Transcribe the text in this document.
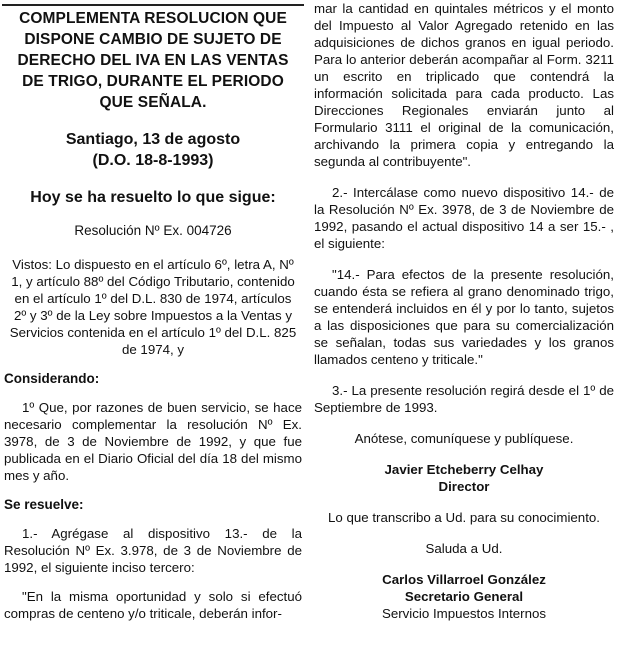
COMPLEMENTA RESOLUCION QUE DISPONE CAMBIO DE SUJETO DE DERECHO DEL IVA EN LAS VENTAS DE TRIGO, DURANTE EL PERIODO QUE SEÑALA.
Santiago, 13 de agosto
(D.O. 18-8-1993)
Hoy se ha resuelto lo que sigue:
Resolución Nº Ex. 004726

Vistos: Lo dispuesto en el artículo 6º, letra A, Nº 1, y artículo 88º del Código Tributario, contenido en el artículo 1º del D.L. 830 de 1974, artículos 2º y 3º de la Ley sobre Impuestos a la Ventas y Servicios contenida en el artículo 1º del D.L. 825 de 1974, y

Considerando:

1º Que, por razones de buen servicio, se hace necesario complementar la resolución Nº Ex. 3978, de 3 de Noviembre de 1992, y que fue publicada en el Diario Oficial del día 18 del mismo mes y año.

Se resuelve:

1.- Agrégase al dispositivo 13.- de la Resolución Nº Ex. 3.978, de 3 de Noviembre de 1992, el siguiente inciso tercero:

"En la misma oportunidad y solo si efectuó compras de centeno y/o triticale, deberán infor-

mar la cantidad en quintales métricos y el monto del Impuesto al Valor Agregado retenido en las adquisiciones de dichos granos en igual periodo. Para lo anterior deberán acompañar al Form. 3211 un escrito en triplicado que contendrá la información solicitada para cada producto. Las Direcciones Regionales enviarán junto al Formulario 3111 el original de la comunicación, archivando la primera copia y entregando la segunda al contribuyente".

2.- Intercálase como nuevo dispositivo 14.- de la Resolución Nº Ex. 3978, de 3 de Noviembre de 1992, pasando el actual dispositivo 14 a ser 15.- , el siguiente:

"14.- Para efectos de la presente resolución, cuando ésta se refiera al grano denominado trigo, se entenderá incluidos en él y por lo tanto, sujetos a las disposiciones que para su comercialización se señalan, todas sus variedades y los granos llamados centeno y triticale."

3.- La presente resolución regirá desde el 1º de Septiembre de 1993.

Anótese, comuníquese y publíquese.

Javier Etcheberry Celhay

Director

Lo que transcribo a Ud. para su conocimiento.

Saluda a Ud.

Carlos Villarroel González

Secretario General

Servicio Impuestos Internos
